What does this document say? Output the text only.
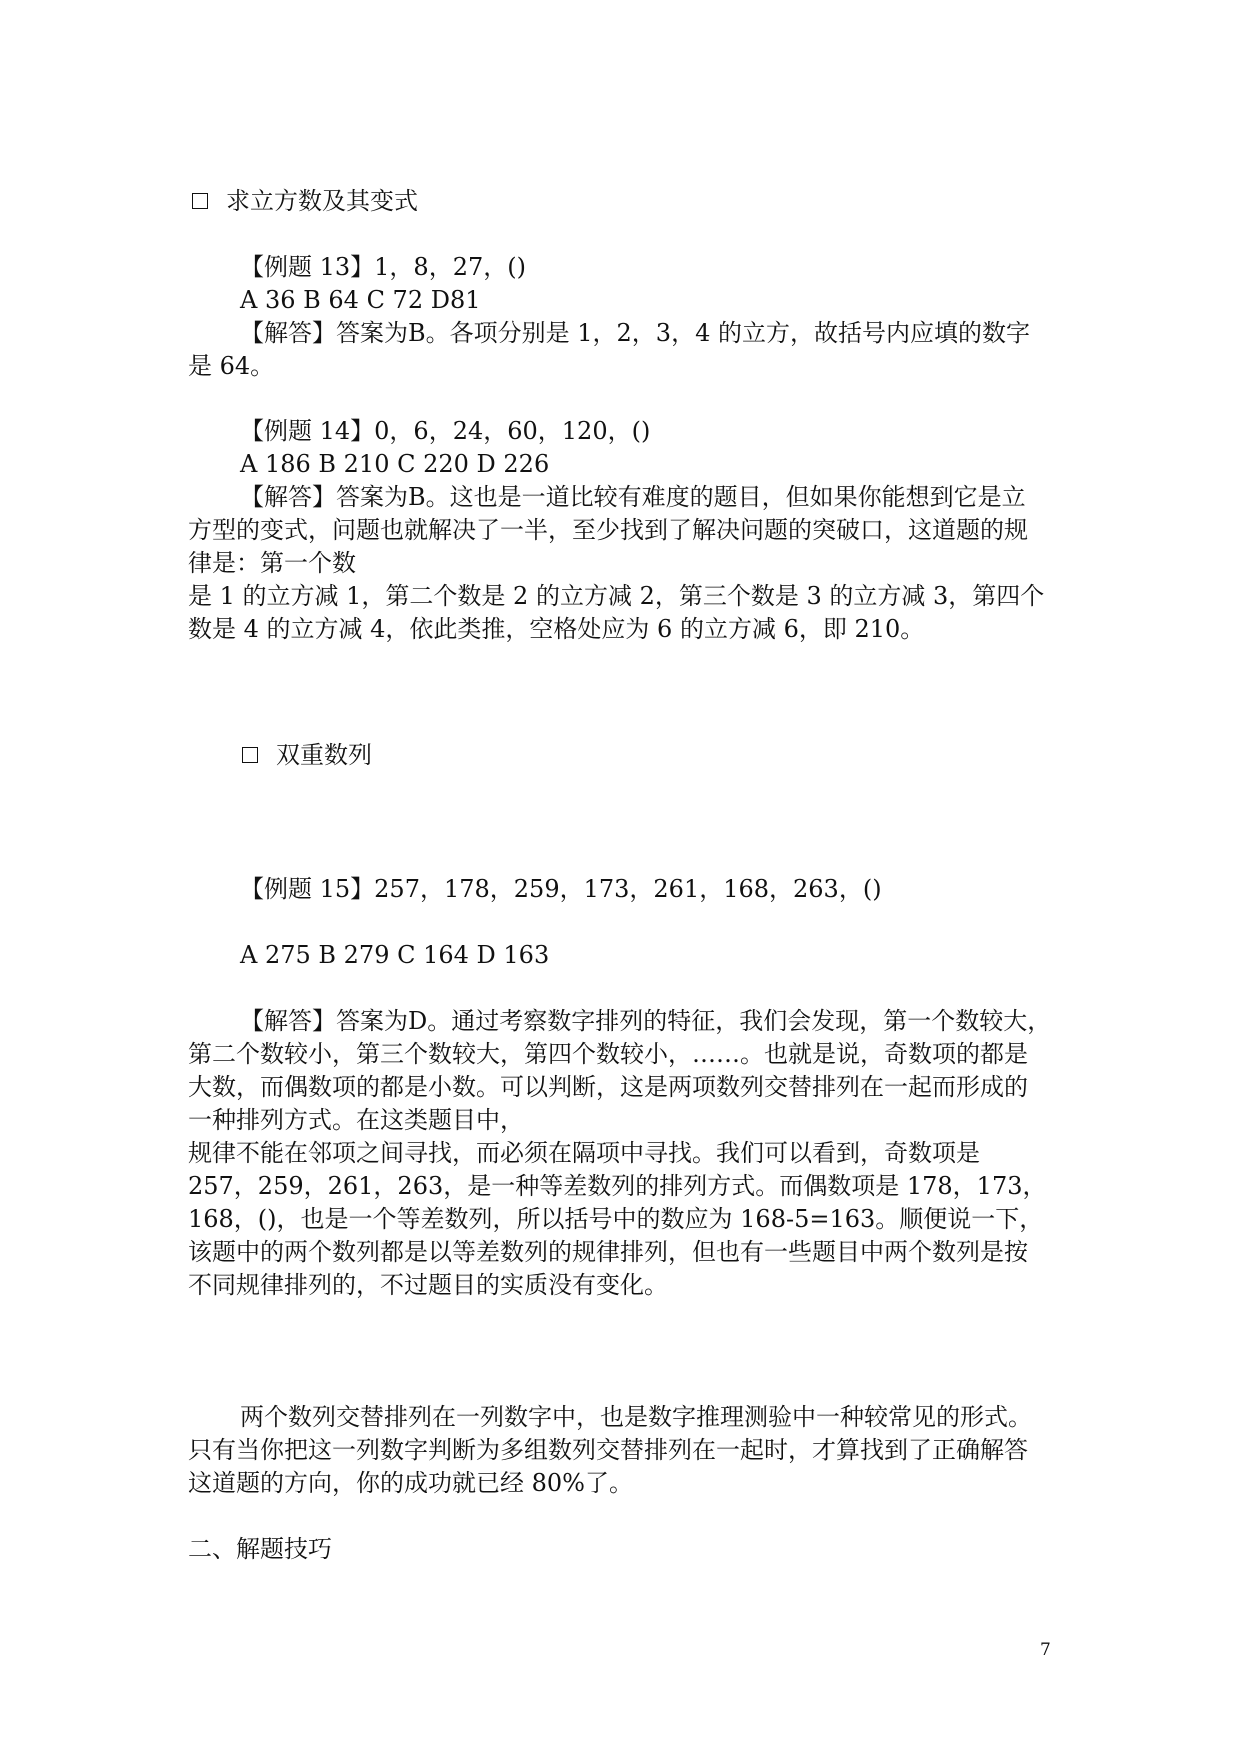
求立方数及其变式
【例题 13】1，8，27，()
A 36 B 64 C 72 D81
【解答】答案为B。各项分别是 1，2，3，4 的立方，故括号内应填的数字
是 64。
【例题 14】0，6，24，60，120，()
A 186 B 210 C 220 D 226
【解答】答案为B。这也是一道比较有难度的题目，但如果你能想到它是立
方型的变式，问题也就解决了一半，至少找到了解决问题的突破口，这道题的规
律是：第一个数
是 1 的立方减 1，第二个数是 2 的立方减 2，第三个数是 3 的立方减 3，第四个
数是 4 的立方减 4，依此类推，空格处应为 6 的立方减 6，即 210。
双重数列
【例题 15】257，178，259，173，261，168，263，()
A 275 B 279 C 164 D 163
【解答】答案为D。通过考察数字排列的特征，我们会发现，第一个数较大，
第二个数较小，第三个数较大，第四个数较小，……。也就是说，奇数项的都是
大数，而偶数项的都是小数。可以判断，这是两项数列交替排列在一起而形成的
一种排列方式。在这类题目中，
规律不能在邻项之间寻找，而必须在隔项中寻找。我们可以看到，奇数项是
257，259，261，263，是一种等差数列的排列方式。而偶数项是 178，173，
168，()，也是一个等差数列，所以括号中的数应为 168-5=163。顺便说一下，
该题中的两个数列都是以等差数列的规律排列，但也有一些题目中两个数列是按
不同规律排列的，不过题目的实质没有变化。
两个数列交替排列在一列数字中，也是数字推理测验中一种较常见的形式。
只有当你把这一列数字判断为多组数列交替排列在一起时，才算找到了正确解答
这道题的方向，你的成功就已经 80%了。
二、解题技巧
7
